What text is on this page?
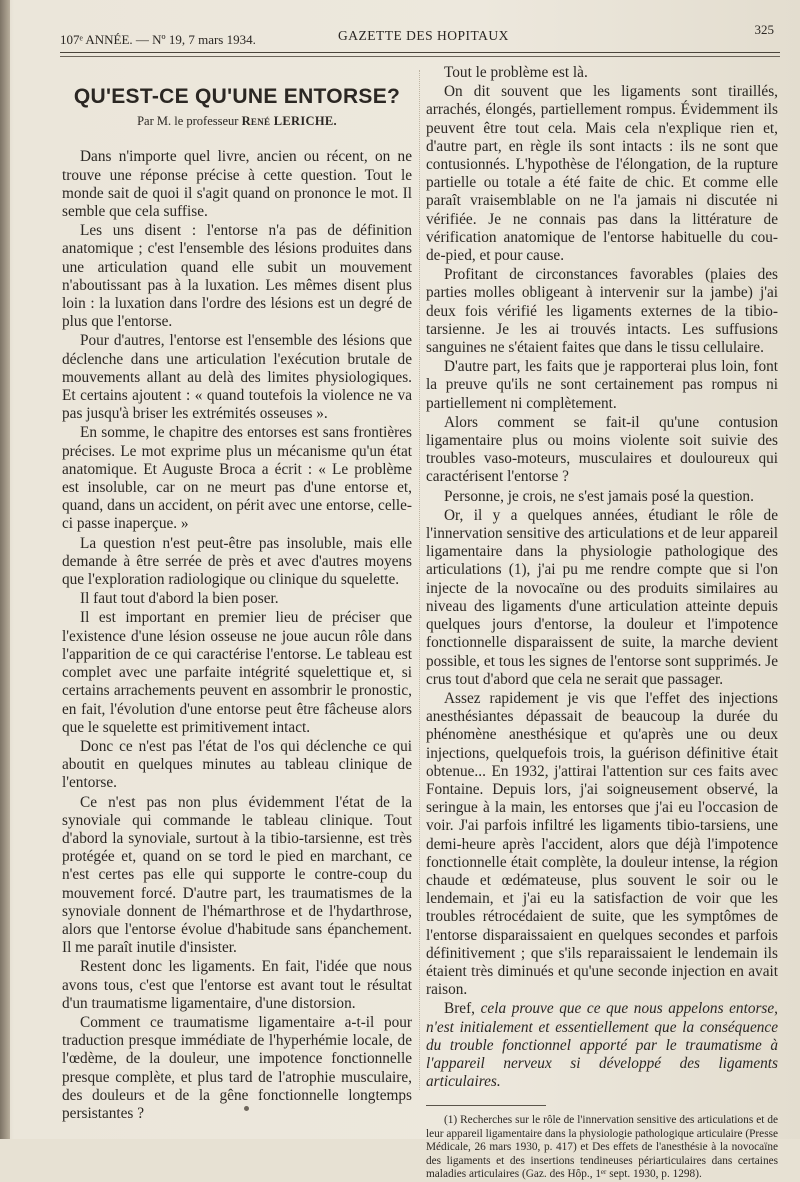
107ᵉ ANNÉE. — Nº 19, 7 mars 1934.	GAZETTE DES HOPITAUX	325
QU'EST-CE QU'UNE ENTORSE?
Par M. le professeur René LERICHE.

Dans n'importe quel livre, ancien ou récent, on ne trouve une réponse précise à cette question. Tout le monde sait de quoi il s'agit quand on prononce le mot. Il semble que cela suffise.

Les uns disent : l'entorse n'a pas de définition anatomique ; c'est l'ensemble des lésions produites dans une articulation quand elle subit un mouvement n'aboutissant pas à la luxation. Les mêmes disent plus loin : la luxation dans l'ordre des lésions est un degré de plus que l'entorse.

Pour d'autres, l'entorse est l'ensemble des lésions que déclenche dans une articulation l'exécution brutale de mouvements allant au delà des limites physiologiques. Et certains ajoutent : « quand toutefois la violence ne va pas jusqu'à briser les extrémités osseuses ».

En somme, le chapitre des entorses est sans frontières précises. Le mot exprime plus un mécanisme qu'un état anatomique. Et Auguste Broca a écrit : « Le problème est insoluble, car on ne meurt pas d'une entorse et, quand, dans un accident, on périt avec une entorse, celle-ci passe inaperçue. »

La question n'est peut-être pas insoluble, mais elle demande à être serrée de près et avec d'autres moyens que l'exploration radiologique ou clinique du squelette.

Il faut tout d'abord la bien poser.

Il est important en premier lieu de préciser que l'existence d'une lésion osseuse ne joue aucun rôle dans l'apparition de ce qui caractérise l'entorse. Le tableau est complet avec une parfaite intégrité squelettique et, si certains arrachements peuvent en assombrir le pronostic, en fait, l'évolution d'une entorse peut être fâcheuse alors que le squelette est primitivement intact.

Donc ce n'est pas l'état de l'os qui déclenche ce qui aboutit en quelques minutes au tableau clinique de l'entorse.

Ce n'est pas non plus évidemment l'état de la synoviale qui commande le tableau clinique. Tout d'abord la synoviale, surtout à la tibio-tarsienne, est très protégée et, quand on se tord le pied en marchant, ce n'est certes pas elle qui supporte le contre-coup du mouvement forcé. D'autre part, les traumatismes de la synoviale donnent de l'hémarthrose et de l'hydarthrose, alors que l'entorse évolue d'habitude sans épanchement. Il me paraît inutile d'insister.

Restent donc les ligaments. En fait, l'idée que nous avons tous, c'est que l'entorse est avant tout le résultat d'un traumatisme ligamentaire, d'une distorsion.

Comment ce traumatisme ligamentaire a-t-il pour traduction presque immédiate de l'hyperhémie locale, de l'œdème, de la douleur, une impotence fonctionnelle presque complète, et plus tard de l'atrophie musculaire, des douleurs et de la gêne fonctionnelle longtemps persistantes ?

Tout le problème est là.

On dit souvent que les ligaments sont tiraillés, arrachés, élongés, partiellement rompus. Évidemment ils peuvent être tout cela. Mais cela n'explique rien et, d'autre part, en règle ils sont intacts : ils ne sont que contusionnés. L'hypothèse de l'élongation, de la rupture partielle ou totale a été faite de chic. Et comme elle paraît vraisemblable on ne l'a jamais ni discutée ni vérifiée. Je ne connais pas dans la littérature de vérification anatomique de l'entorse habituelle du cou-de-pied, et pour cause.

Profitant de circonstances favorables (plaies des parties molles obligeant à intervenir sur la jambe) j'ai deux fois vérifié les ligaments externes de la tibio-tarsienne. Je les ai trouvés intacts. Les suffusions sanguines ne s'étaient faites que dans le tissu cellulaire.

D'autre part, les faits que je rapporterai plus loin, font la preuve qu'ils ne sont certainement pas rompus ni partiellement ni complètement.

Alors comment se fait-il qu'une contusion ligamentaire plus ou moins violente soit suivie des troubles vaso-moteurs, musculaires et douloureux qui caractérisent l'entorse ?

Personne, je crois, ne s'est jamais posé la question.

Or, il y a quelques années, étudiant le rôle de l'innervation sensitive des articulations et de leur appareil ligamentaire dans la physiologie pathologique des articulations (1), j'ai pu me rendre compte que si l'on injecte de la novocaïne ou des produits similaires au niveau des ligaments d'une articulation atteinte depuis quelques jours d'entorse, la douleur et l'impotence fonctionnelle disparaissent de suite, la marche devient possible, et tous les signes de l'entorse sont supprimés. Je crus tout d'abord que cela ne serait que passager.

Assez rapidement je vis que l'effet des injections anesthésiantes dépassait de beaucoup la durée du phénomène anesthésique et qu'après une ou deux injections, quelquefois trois, la guérison définitive était obtenue... En 1932, j'attirai l'attention sur ces faits avec Fontaine. Depuis lors, j'ai soigneusement observé, la seringue à la main, les entorses que j'ai eu l'occasion de voir. J'ai parfois infiltré les ligaments tibio-tarsiens, une demi-heure après l'accident, alors que déjà l'impotence fonctionnelle était complète, la douleur intense, la région chaude et œdémateuse, plus souvent le soir ou le lendemain, et j'ai eu la satisfaction de voir que les troubles rétrocédaient de suite, que les symptômes de l'entorse disparaissaient en quelques secondes et parfois définitivement ; que s'ils reparaissaient le lendemain ils étaient très diminués et qu'une seconde injection en avait raison.

Bref, cela prouve que ce que nous appelons entorse, n'est initialement et essentiellement que la conséquence du trouble fonctionnel apporté par le traumatisme à l'appareil nerveux si développé des ligaments articulaires.

(1) Recherches sur le rôle de l'innervation sensitive des articulations et de leur appareil ligamentaire dans la physiologie pathologique articulaire (Presse Médicale, 26 mars 1930, p. 417) et Des effets de l'anesthésie à la novocaïne des ligaments et des insertions tendineuses périarticulaires dans certaines maladies articulaires (Gaz. des Hôp., 1ᵉʳ sept. 1930, p. 1298).
